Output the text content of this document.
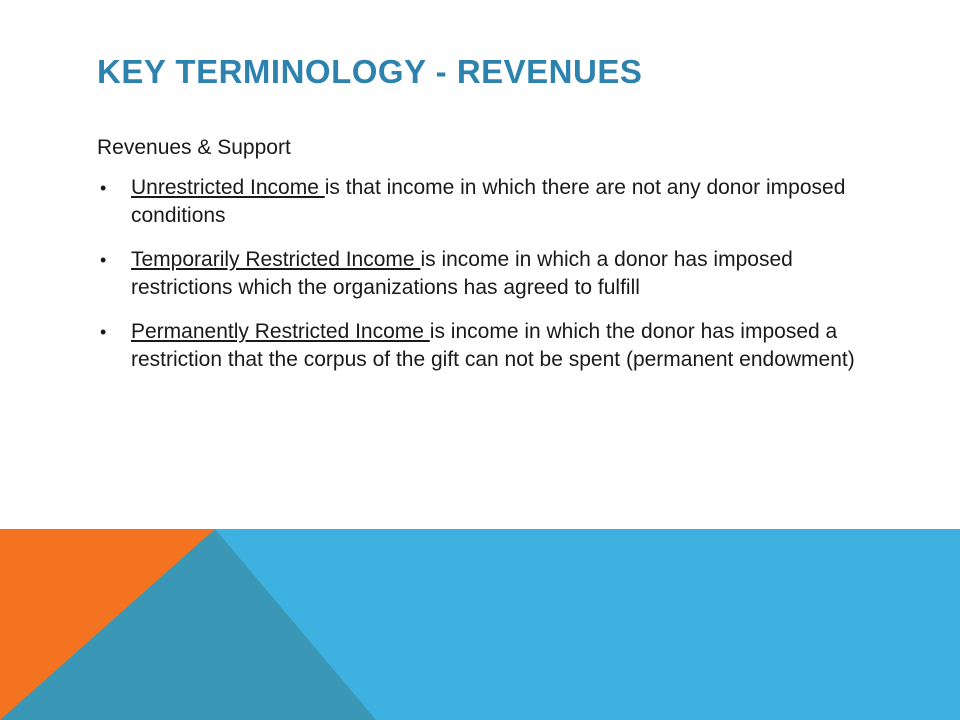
KEY TERMINOLOGY - REVENUES

Revenues & Support

• Unrestricted Income is that income in which there are not any donor imposed conditions
• Temporarily Restricted Income is income in which a donor has imposed restrictions which the organizations has agreed to fulfill
• Permanently Restricted Income is income in which the donor has imposed a restriction that the corpus of the gift can not be spent (permanent endowment)
